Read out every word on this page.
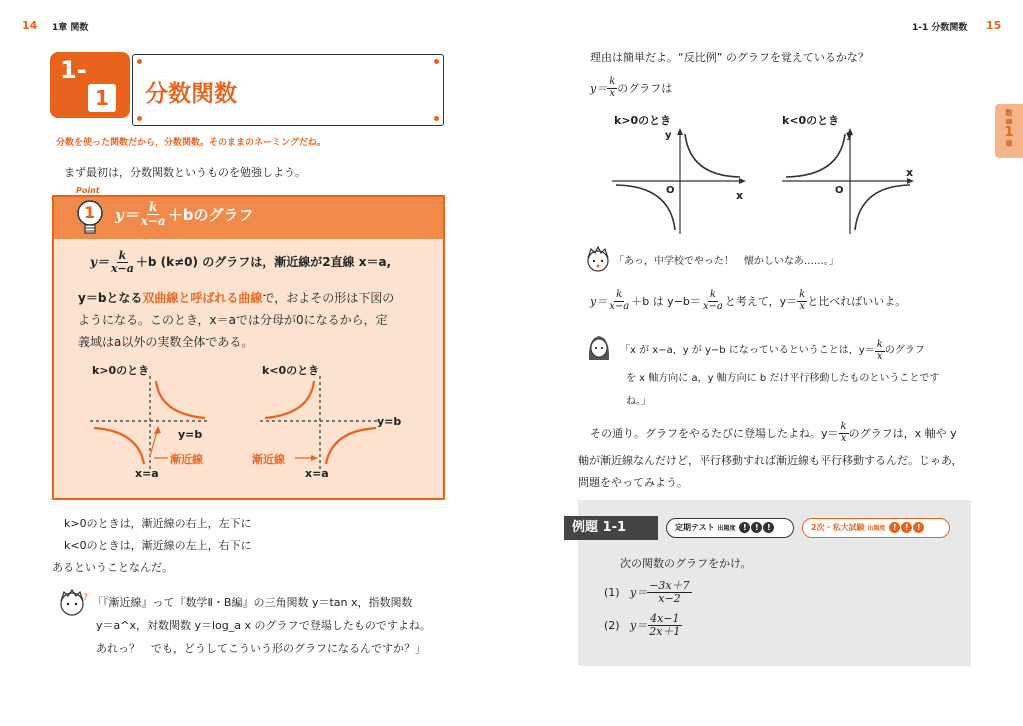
14 1章 関数	1-1 分数関数 15
数
Ⅲ
1
章
1-
1	分数関数
分数を使った関数だから，分数関数。そのままのネーミングだね。
まず最初は，分数関数というものを勉強しよう。
Point
1 $y= \frac{k}{x-a} +b$のグラフ
$y= \frac{k}{x-a} +b$ (k≠0) のグラフは，漸近線が2直線 x＝a,
y＝bとなる双曲線と呼ばれる曲線で，およその形は下図の
ようになる。このとき，x＝aでは分母が0になるから，定
義域はa以外の実数全体である。
k>0のとき	k<0のとき
y=b
y=b
漸近線	漸近線
x=a	x=a
k>0のときは，漸近線の右上，左下に
k<0のときは，漸近線の左上，右下に
あるということなんだ。
? 「『漸近線』って『数学Ⅱ・B編』の三角関数 y＝tan x，指数関数
y＝a^x，対数関数 y＝log_a x のグラフで登場したものですよね。
あれっ？　でも，どうしてこういう形のグラフになるんですか？」
理由は簡単だよ。“反比例” のグラフを覚えているかな？
$y= \frac{k}{x}$ のグラフは
k>0のとき	k<0のとき
y
x
O
y
x
O
「あっ，中学校でやった！　懐かしいなあ……。」
$y= \frac{k}{x-a} +b$ は $y-b= \frac{k}{x-a}$ と考えて，$y= \frac{k}{x}$ と比べればいいよ。
「x が x−a，y が y−b になっているということは，$y= \frac{k}{x}$ のグラフ
を x 軸方向に a，y 軸方向に b だけ平行移動したものということです
ね。」
その通り。グラフをやるたびに登場したよね。$y= \frac{k}{x}$ のグラフは，x 軸や y
軸が漸近線なんだけど，平行移動すれば漸近線も平行移動するんだ。じゃあ，
問題をやってみよう。
例題 1-1	定期テスト 出題度 ! ! !	2次・私大試験 出題度 ! ! !
次の関数のグラフをかけ。
(1) $y= \frac{-3x+7}{x-2}$
(2) $y= \frac{4x-1}{2x+1}$
